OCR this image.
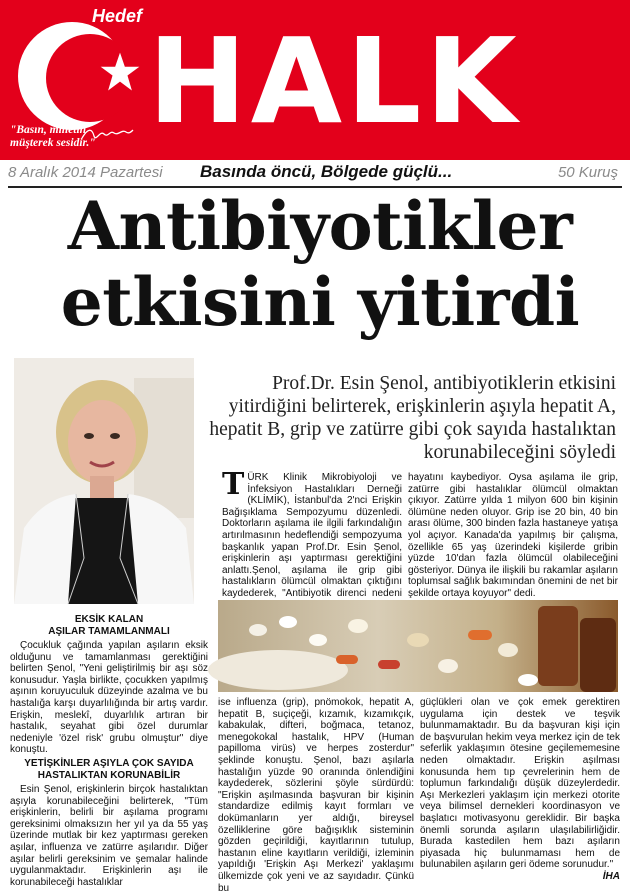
Hedef HALK
"Basın, milletin
müşterek sesidir."
8 Aralık 2014 Pazartesi Basında öncü, Bölgede güçlü...	50 Kuruş
Antibiyotikler
etkisini yitirdi
Prof.Dr. Esin Şenol, antibiyotiklerin etkisini yitirdiğini belirterek, erişkinlerin aşıyla hepatit A, hepatit B, grip ve zatürre gibi çok sayıda hastalıktan korunabileceğini söyledi
T ÜRK Klinik Mikrobiyoloji ve İnfeksiyon Hastalıkları Derneği (KLİMİK), İstanbul'da 2'nci Erişkin Bağışıklama Sempozyumu düzenledi. Doktorların aşılama ile ilgili farkındalığın artırılmasının hedeflendiği sempozyuma başkanlık yapan Prof.Dr. Esin Şenol, erişkinlerin aşı yaptırması gerektiğini anlattı.Şenol, aşılama ile grip gibi hastalıkların ölümcül olmaktan çıktığını kaydederek, "Antibiyotik direnci nedeni
hayatını kaybediyor. Oysa aşılama ile grip, zatürre gibi hastalıklar ölümcül olmaktan çıkıyor. Zatürre yılda 1 milyon 600 bin kişinin ölümüne neden oluyor. Grip ise 20 bin, 40 bin arası ölüme, 300 binden fazla hastaneye yatışa yol açıyor. Kanada'da yapılmış bir çalışma, özellikle 65 yaş üzerindeki kişilerde gribin yüzde 10'dan fazla ölümcül olabileceğini gösteriyor. Dünya ile ilişkili bu rakamlar aşıların toplumsal sağlık bakımından önemini de net bir şekilde ortaya koyuyor" dedi.
EKSİK KALAN
AŞILAR TAMAMLANMALI

Çocukluk çağında yapılan aşıların eksik olduğunu ve tamamlanması gerektiğini belirten Şenol, "Yeni geliştirilmiş bir aşı söz konusudur. Yaşla birlikte, çocukken yapılmış aşının koruyuculuk düzeyinde azalma ve bu hastalığa karşı duyarlılığında bir artış vardır. Erişkin, meslekî, duyarlılık artıran bir hastalık, seyahat gibi özel durumlar nedeniyle 'özel risk' grubu olmuştur" diye konuştu.

YETİŞKİNLER AŞIYLA ÇOK SAYIDA
HASTALIKTAN KORUNABİLİR

Esin Şenol, erişkinlerin birçok hastalıktan aşıyla korunabileceğini belirterek, "Tüm erişkinlerin, belirli bir aşılama programı gereksinimi olmaksızın her yıl ya da 55 yaş üzerinde mutlak bir kez yaptırması gereken aşılar, influenza ve zatürre aşılarıdır. Diğer aşılar belirli gereksinim ve şemalar halinde uygulanmaktadır. Erişkinlerin aşı ile korunabileceği hastalıklar

ise influenza (grip), pnömokok, hepatit A, hepatit B, suçiçeği, kızamık, kızamıkçık, kabakulak, difteri, boğmaca, tetanoz, menegokokal hastalık, HPV (Human papilloma virüs) ve herpes zosterdur" şeklinde konuştu. Şenol, bazı aşılarla hastalığın yüzde 90 oranında önlendiğini kaydederek, sözlerini şöyle sürdürdü: "Erişkin aşılmasında başvuran bir kişinin standardize edilmiş kayıt formları ve dokümanların yer aldığı, bireysel özelliklerine göre bağışıklık sisteminin gözden geçirildiği, kayıtlarının tutulup, hastanın eline kayıtların verildiği, izleminin yapıldığı 'Erişkin Aşı Merkezi' yaklaşımı ülkemizde çok yeni ve az sayıdadır. Çünkü bu
güçlükleri olan ve çok emek gerektiren uygulama için destek ve teşvik bulunmamaktadır. Bu da başvuran kişi için de başvurulan hekim veya merkez için de tek seferlik yaklaşımın ötesine geçilememesine neden olmaktadır. Erişkin aşılması konusunda hem tıp çevrelerinin hem de toplumun farkındalığı düşük düzeylerdedir. Aşı Merkezleri yaklaşım için merkezi otorite veya bilimsel dernekleri koordinasyon ve başlatıcı motivasyonu gereklidir. Bir başka önemli sorunda aşıların ulaşılabilirliğidir. Burada kastedilen hem bazı aşıların piyasada hiç bulunmaması hem de bulunabilen aşıların geri ödeme sorunudur."
İHA
